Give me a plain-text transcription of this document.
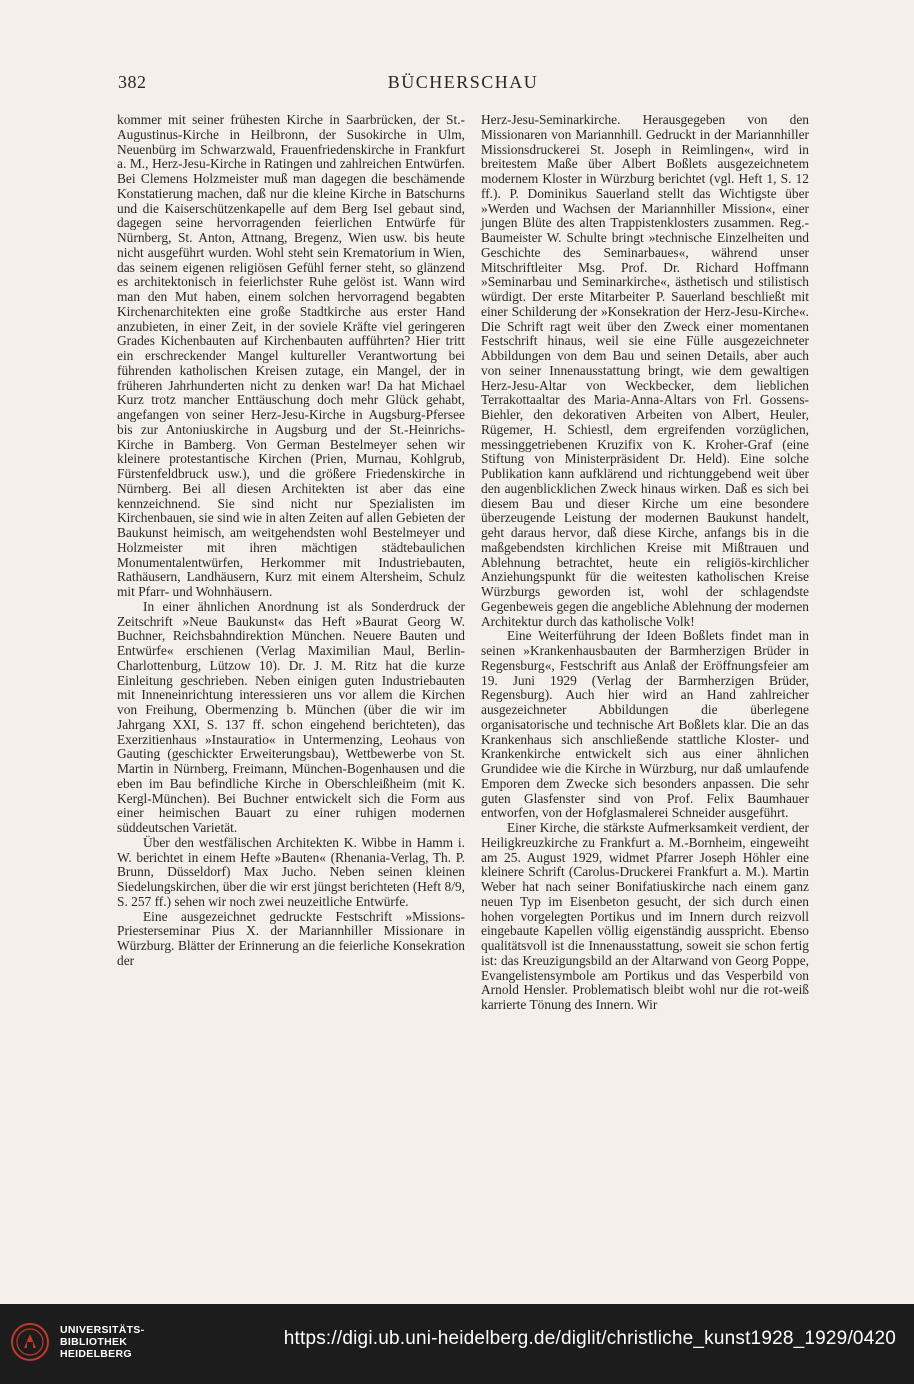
382	BÜCHERSCHAU

kommer mit seiner frühesten Kirche in Saarbrücken, der St.-Augustinus-Kirche in Heilbronn, der Susokirche in Ulm, Neuenbürg im Schwarzwald, Frauenfriedenskirche in Frankfurt a. M., Herz-Jesu-Kirche in Ratingen und zahlreichen Entwürfen. Bei Clemens Holzmeister muß man dagegen die beschämende Konstatierung machen, daß nur die kleine Kirche in Batschurns und die Kaiserschützenkapelle auf dem Berg Isel gebaut sind, dagegen seine hervorragenden feierlichen Entwürfe für Nürnberg, St. Anton, Attnang, Bregenz, Wien usw. bis heute nicht ausgeführt wurden. Wohl steht sein Krematorium in Wien, das seinem eigenen religiösen Gefühl ferner steht, so glänzend es architektonisch in feierlichster Ruhe gelöst ist. Wann wird man den Mut haben, einem solchen hervorragend begabten Kirchenarchitekten eine große Stadtkirche aus erster Hand anzubieten, in einer Zeit, in der soviele Kräfte viel geringeren Grades Kichenbauten auf Kirchenbauten aufführten? Hier tritt ein erschreckender Mangel kultureller Verantwortung bei führenden katholischen Kreisen zutage, ein Mangel, der in früheren Jahrhunderten nicht zu denken war! Da hat Michael Kurz trotz mancher Enttäuschung doch mehr Glück gehabt, angefangen von seiner Herz-Jesu-Kirche in Augsburg-Pfersee bis zur Antoniuskirche in Augsburg und der St.-Heinrichs-Kirche in Bamberg. Von German Bestelmeyer sehen wir kleinere protestantische Kirchen (Prien, Murnau, Kohlgrub, Fürstenfeldbruck usw.), und die größere Friedenskirche in Nürnberg. Bei all diesen Architekten ist aber das eine kennzeichnend. Sie sind nicht nur Spezialisten im Kirchenbauen, sie sind wie in alten Zeiten auf allen Gebieten der Baukunst heimisch, am weitgehendsten wohl Bestelmeyer und Holzmeister mit ihren mächtigen städtebaulichen Monumentalentwürfen, Herkommer mit Industriebauten, Rathäusern, Landhäusern, Kurz mit einem Altersheim, Schulz mit Pfarr- und Wohnhäusern.

In einer ähnlichen Anordnung ist als Sonderdruck der Zeitschrift »Neue Baukunst« das Heft »Baurat Georg W. Buchner, Reichsbahndirektion München. Neuere Bauten und Entwürfe« erschienen (Verlag Maximilian Maul, Berlin-Charlottenburg, Lützow 10). Dr. J. M. Ritz hat die kurze Einleitung geschrieben. Neben einigen guten Industriebauten mit Inneneinrichtung interessieren uns vor allem die Kirchen von Freihung, Obermenzing b. München (über die wir im Jahrgang XXI, S. 137 ff. schon eingehend berichteten), das Exerzitienhaus »Instauratio« in Untermenzing, Leohaus von Gauting (geschickter Erweiterungsbau), Wettbewerbe von St. Martin in Nürnberg, Freimann, München-Bogenhausen und die eben im Bau befindliche Kirche in Oberschleißheim (mit K. Kergl-München). Bei Buchner entwickelt sich die Form aus einer heimischen Bauart zu einer ruhigen modernen süddeutschen Varietät.

Über den westfälischen Architekten K. Wibbe in Hamm i. W. berichtet in einem Hefte »Bauten« (Rhenania-Verlag, Th. P. Brunn, Düsseldorf) Max Jucho. Neben seinen kleinen Siedelungskirchen, über die wir erst jüngst berichteten (Heft 8/9, S. 257 ff.) sehen wir noch zwei neuzeitliche Entwürfe.

Eine ausgezeichnet gedruckte Festschrift »Missions-Priesterseminar Pius X. der Mariannhiller Missionare in Würzburg. Blätter der Erinnerung an die feierliche Konsekration der

Herz-Jesu-Seminarkirche. Herausgegeben von den Missionaren von Mariannhill. Gedruckt in der Mariannhiller Missionsdruckerei St. Joseph in Reimlingen«, wird in breitestem Maße über Albert Boßlets ausgezeichnetem modernem Kloster in Würzburg berichtet (vgl. Heft 1, S. 12 ff.). P. Dominikus Sauerland stellt das Wichtigste über »Werden und Wachsen der Mariannhiller Mission«, einer jungen Blüte des alten Trappistenklosters zusammen. Reg.-Baumeister W. Schulte bringt »technische Einzelheiten und Geschichte des Seminarbaues«, während unser Mitschriftleiter Msg. Prof. Dr. Richard Hoffmann »Seminarbau und Seminarkirche«, ästhetisch und stilistisch würdigt. Der erste Mitarbeiter P. Sauerland beschließt mit einer Schilderung der »Konsekration der Herz-Jesu-Kirche«. Die Schrift ragt weit über den Zweck einer momentanen Festschrift hinaus, weil sie eine Fülle ausgezeichneter Abbildungen von dem Bau und seinen Details, aber auch von seiner Innenausstattung bringt, wie dem gewaltigen Herz-Jesu-Altar von Weckbecker, dem lieblichen Terrakottaaltar des Maria-Anna-Altars von Frl. Gossens-Biehler, den dekorativen Arbeiten von Albert, Heuler, Rügemer, H. Schiestl, dem ergreifenden vorzüglichen, messinggetriebenen Kruzifix von K. Kroher-Graf (eine Stiftung von Ministerpräsident Dr. Held). Eine solche Publikation kann aufklärend und richtunggebend weit über den augenblicklichen Zweck hinaus wirken. Daß es sich bei diesem Bau und dieser Kirche um eine besondere überzeugende Leistung der modernen Baukunst handelt, geht daraus hervor, daß diese Kirche, anfangs bis in die maßgebendsten kirchlichen Kreise mit Mißtrauen und Ablehnung betrachtet, heute ein religiös-kirchlicher Anziehungspunkt für die weitesten katholischen Kreise Würzburgs geworden ist, wohl der schlagendste Gegenbeweis gegen die angebliche Ablehnung der modernen Architektur durch das katholische Volk!

Eine Weiterführung der Ideen Boßlets findet man in seinen »Krankenhausbauten der Barmherzigen Brüder in Regensburg«, Festschrift aus Anlaß der Eröffnungsfeier am 19. Juni 1929 (Verlag der Barmherzigen Brüder, Regensburg). Auch hier wird an Hand zahlreicher ausgezeichneter Abbildungen die überlegene organisatorische und technische Art Boßlets klar. Die an das Krankenhaus sich anschließende stattliche Kloster- und Krankenkirche entwickelt sich aus einer ähnlichen Grundidee wie die Kirche in Würzburg, nur daß umlaufende Emporen dem Zwecke sich besonders anpassen. Die sehr guten Glasfenster sind von Prof. Felix Baumhauer entworfen, von der Hofglasmalerei Schneider ausgeführt.

Einer Kirche, die stärkste Aufmerksamkeit verdient, der Heiligkreuzkirche zu Frankfurt a. M.-Bornheim, eingeweiht am 25. August 1929, widmet Pfarrer Joseph Höhler eine kleinere Schrift (Carolus-Druckerei Frankfurt a. M.). Martin Weber hat nach seiner Bonifatiuskirche nach einem ganz neuen Typ im Eisenbeton gesucht, der sich durch einen hohen vorgelegten Portikus und im Innern durch reizvoll eingebaute Kapellen völlig eigenständig ausspricht. Ebenso qualitätsvoll ist die Innenausstattung, soweit sie schon fertig ist: das Kreuzigungsbild an der Altarwand von Georg Poppe, Evangelistensymbole am Portikus und das Vesperbild von Arnold Hensler. Problematisch bleibt wohl nur die rot-weiß karrierte Tönung des Innern. Wir

UNIVERSITÄTS-
BIBLIOTHEK
HEIDELBERG
https://digi.ub.uni-heidelberg.de/diglit/christliche_kunst1928_1929/0420
